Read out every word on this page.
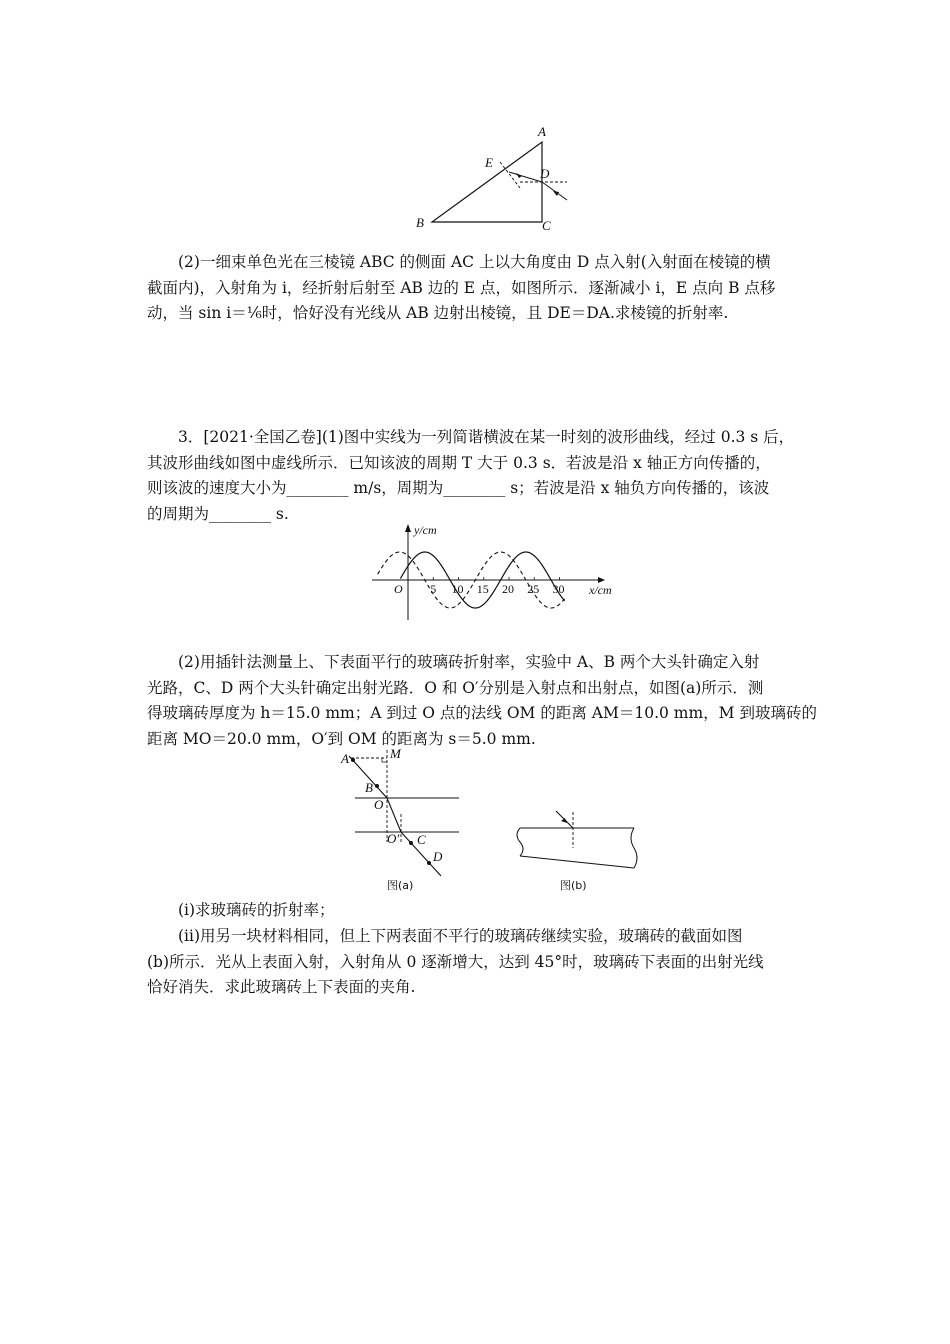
A
E
D
B	C
(2)一细束单色光在三棱镜 ABC 的侧面 AC 上以大角度由 D 点入射(入射面在棱镜的横
截面内)，入射角为 i，经折射后射至 AB 边的 E 点，如图所示．逐渐减小 i，E 点向 B 点移
动，当 sin i＝⅙时，恰好没有光线从 AB 边射出棱镜，且 DE＝DA.求棱镜的折射率.
3．[2021·全国乙卷](1)图中实线为一列简谐横波在某一时刻的波形曲线，经过 0.3 s 后，
其波形曲线如图中虚线所示．已知该波的周期 T 大于 0.3 s．若波是沿 x 轴正方向传播的，
则该波的速度大小为________ m/s，周期为________ s；若波是沿 x 轴负方向传播的，该波
的周期为________ s.
y/cm
x/cm
O 5 10 15 20 25 30
(2)用插针法测量上、下表面平行的玻璃砖折射率，实验中 A、B 两个大头针确定入射
光路，C、D 两个大头针确定出射光路．O 和 O′分别是入射点和出射点，如图(a)所示．测
得玻璃砖厚度为 h＝15.0 mm；A 到过 O 点的法线 OM 的距离 AM＝10.0 mm，M 到玻璃砖的
距离 MO＝20.0 mm，O′到 OM 的距离为 s＝5.0 mm.
A	M
B
O
O′ C
D
图(a)	图(b)
(ⅰ)求玻璃砖的折射率；
(ⅱ)用另一块材料相同，但上下两表面不平行的玻璃砖继续实验，玻璃砖的截面如图
(b)所示．光从上表面入射，入射角从 0 逐渐增大，达到 45°时，玻璃砖下表面的出射光线
恰好消失．求此玻璃砖上下表面的夹角.
